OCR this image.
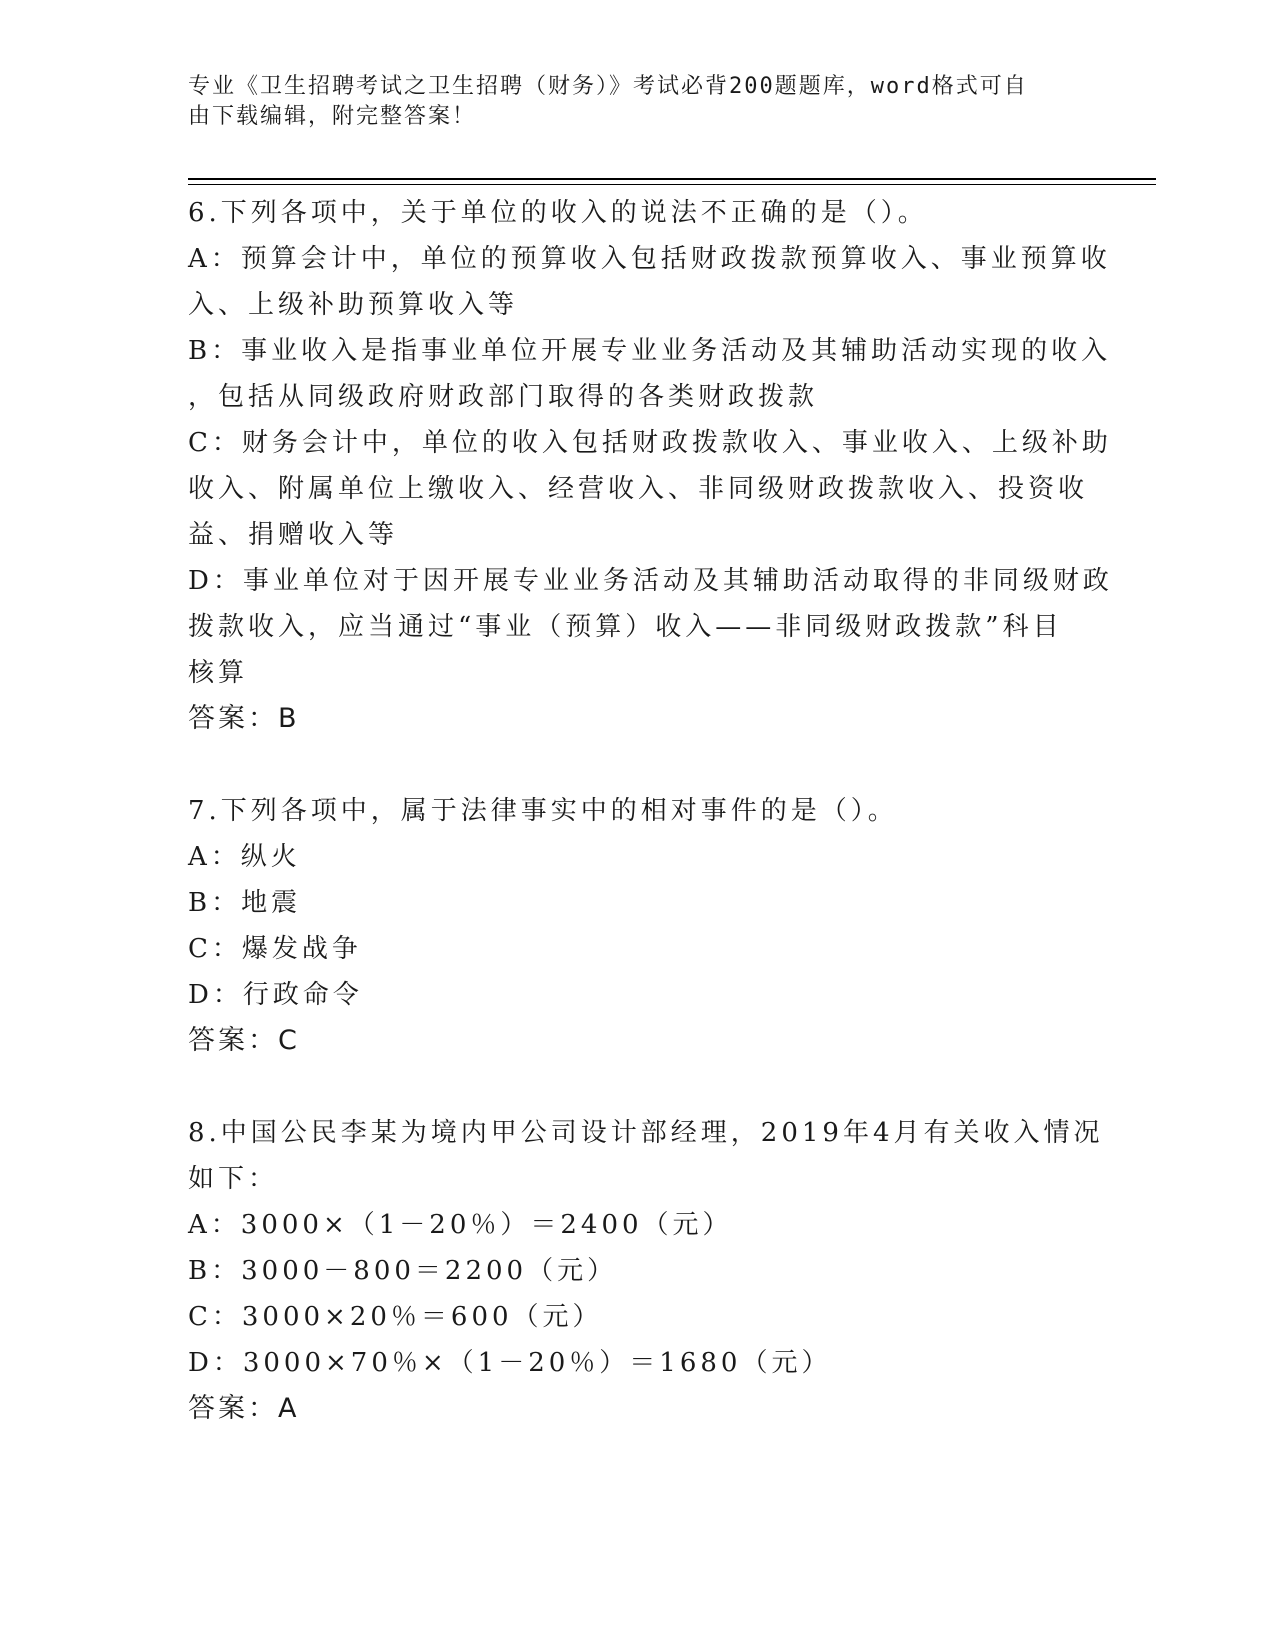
专业《卫生招聘考试之卫生招聘（财务）》考试必背200题题库，word格式可自
由下载编辑，附完整答案！
6.下列各项中，关于单位的收入的说法不正确的是（）。
A：预算会计中，单位的预算收入包括财政拨款预算收入、事业预算收
入、上级补助预算收入等
B：事业收入是指事业单位开展专业业务活动及其辅助活动实现的收入
，包括从同级政府财政部门取得的各类财政拨款
C：财务会计中，单位的收入包括财政拨款收入、事业收入、上级补助
收入、附属单位上缴收入、经营收入、非同级财政拨款收入、投资收
益、捐赠收入等
D：事业单位对于因开展专业业务活动及其辅助活动取得的非同级财政
拨款收入，应当通过“事业（预算）收入——非同级财政拨款”科目
核算
答案：B
7.下列各项中，属于法律事实中的相对事件的是（）。
A：纵火
B：地震
C：爆发战争
D：行政命令
答案：C
8.中国公民李某为境内甲公司设计部经理，2019年4月有关收入情况
如下：
A：3000×（1－20％）＝2400（元）
B：3000－800＝2200（元）
C：3000×20％＝600（元）
D：3000×70％×（1－20％）＝1680（元）
答案：A
